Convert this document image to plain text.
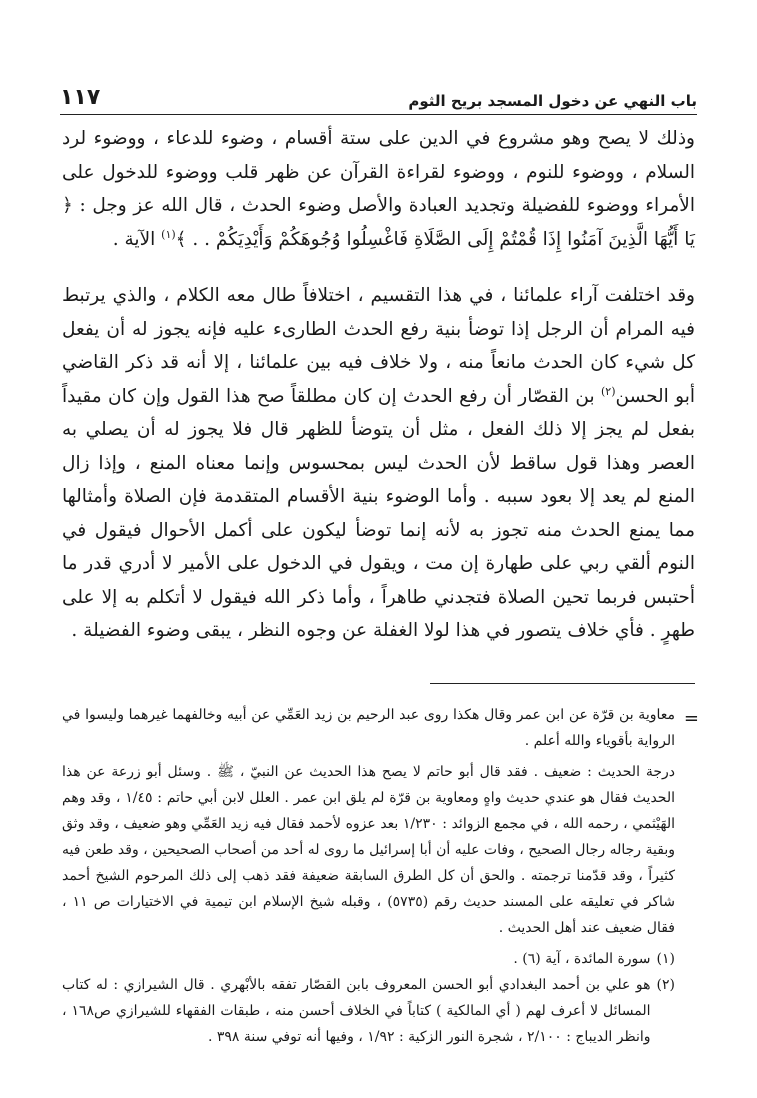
باب النهي عن دخول المسجد بريح الثوم
١١٧

وذلك لا يصح وهو مشروع في الدين على ستة أقسام ، وضوء للدعاء ، ووضوء لرد السلام ، ووضوء للنوم ، ووضوء لقراءة القرآن عن ظهر قلب ووضوء للدخول على الأمراء ووضوء للفضيلة وتجديد العبادة والأصل وضوء الحدث ، قال الله عز وجل : ﴿ يَا أَيُّهَا الَّذِينَ آمَنُوا إِذَا قُمْتُمْ إِلَى الصَّلَاةِ فَاغْسِلُوا وُجُوهَكُمْ وَأَيْدِيَكُمْ . . ﴾$^{(١)}$ الآية .

وقد اختلفت آراء علمائنا ، في هذا التقسيم ، اختلافاً طال معه الكلام ، والذي يرتبط فيه المرام أن الرجل إذا توضأ بنية رفع الحدث الطارىء عليه فإنه يجوز له أن يفعل كل شيء كان الحدث مانعاً منه ، ولا خلاف فيه بين علمائنا ، إلا أنه قد ذكر القاضي أبو الحسن$^{(٢)}$ بن القصّار أن رفع الحدث إن كان مطلقاً صح هذا القول وإن كان مقيداً بفعل لم يجز إلا ذلك الفعل ، مثل أن يتوضأ للظهر قال فلا يجوز له أن يصلي به العصر وهذا قول ساقط لأن الحدث ليس بمحسوس وإنما معناه المنع ، وإذا زال المنع لم يعد إلا بعود سببه . وأما الوضوء بنية الأقسام المتقدمة فإن الصلاة وأمثالها مما يمنع الحدث منه تجوز به لأنه إنما توضأ ليكون على أكمل الأحوال فيقول في النوم ألقي ربي على طهارة إن مت ، ويقول في الدخول على الأمير لا أدري قدر ما أحتبس فربما تحين الصلاة فتجدني طاهراً ، وأما ذكر الله فيقول لا أتكلم به إلا على طهرٍ . فأي خلاف يتصور في هذا لولا الغفلة عن وجوه النظر ، يبقى وضوء الفضيلة .

=

معاوية بن قرّة عن ابن عمر وقال هكذا روى عبد الرحيم بن زيد العَمِّي عن أبيه وخالفهما غيرهما وليسوا في الرواية بأقوياء والله أعلم .

درجة الحديث : ضعيف . فقد قال أبو حاتم لا يصح هذا الحديث عن النبيّ ، ﷺ . وسئل أبو زرعة عن هذا الحديث فقال هو عندي حديث واهٍ ومعاوية بن قرّة لم يلق ابن عمر . العلل لابن أبي حاتم : ١/٤٥ ، وقد وهم الهَيْثمي ، رحمه الله ، في مجمع الزوائد : ١/٢٣٠ بعد عزوه لأحمد فقال فيه زيد العَمِّي وهو ضعيف ، وقد وثق وبقية رجاله رجال الصحيح ، وفات عليه أن أبا إسرائيل ما روى له أحد من أصحاب الصحيحين ، وقد طعن فيه كثيراً ، وقد قدّمنا ترجمته . والحق أن كل الطرق السابقة ضعيفة فقد ذهب إلى ذلك المرحوم الشيخ أحمد شاكر في تعليقه على المسند حديث رقم (٥٧٣٥) ، وقبله شيخ الإسلام ابن تيمية في الاختيارات ص ١١ ، فقال ضعيف عند أهل الحديث .

(١)
سورة المائدة ، آية (٦) .
(٢)
هو علي بن أحمد البغدادي أبو الحسن المعروف بابن القصّار تفقه بالأبْهري . قال الشيرازي : له كتاب المسائل لا أعرف لهم ( أي المالكية ) كتاباً في الخلاف أحسن منه ، طبقات الفقهاء للشيرازي ص١٦٨ ، وانظر الديباج : ٢/١٠٠ ، شجرة النور الزكية : ١/٩٢ ، وفيها أنه توفي سنة ٣٩٨ .
